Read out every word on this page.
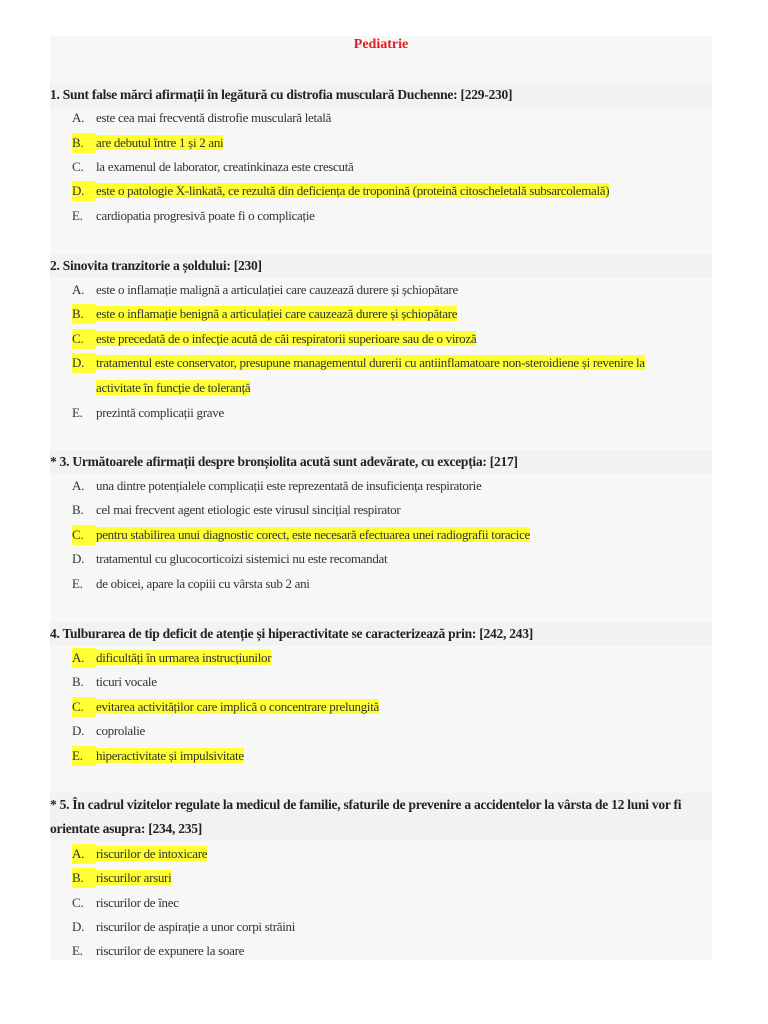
Pediatrie
1. Sunt false mărci afirmații în legătură cu distrofia musculară Duchenne: [229-230]
A. este cea mai frecventă distrofie musculară letală
B. are debutul între 1 și 2 ani
C. la examenul de laborator, creatinkinaza este crescută
D. este o patologie X-linkată, ce rezultă din deficiența de troponină (proteină citoscheletală subsarcolemală)
E. cardiopatia progresivă poate fi o complicație
2. Sinovita tranzitorie a șoldului: [230]
A. este o inflamație malignă a articulației care cauzează durere și șchiopătare
B. este o inflamație benignă a articulației care cauzează durere și șchiopătare
C. este precedată de o infecție acută de căi respiratorii superioare sau de o viroză
D. tratamentul este conservator, presupune managementul durerii cu antiinflamatoare non-steroidiene și revenire la
activitate în funcție de toleranță
E. prezintă complicații grave
* 3. Următoarele afirmații despre bronșiolita acută sunt adevărate, cu excepția: [217]
A. una dintre potențialele complicații este reprezentată de insuficiența respiratorie
B. cel mai frecvent agent etiologic este virusul sincițial respirator
C. pentru stabilirea unui diagnostic corect, este necesară efectuarea unei radiografii toracice
D. tratamentul cu glucocorticoizi sistemici nu este recomandat
E. de obicei, apare la copiii cu vârsta sub 2 ani
4. Tulburarea de tip deficit de atenție și hiperactivitate se caracterizează prin: [242, 243]
A. dificultăți în urmarea instrucțiunilor
B. ticuri vocale
C. evitarea activităților care implică o concentrare prelungită
D. coprolalie
E. hiperactivitate și impulsivitate
* 5. În cadrul vizitelor regulate la medicul de familie, sfaturile de prevenire a accidentelor la vârsta de 12 luni vor fi
orientate asupra: [234, 235]
A. riscurilor de intoxicare
B. riscurilor arsuri
C. riscurilor de înec
D. riscurilor de aspirație a unor corpi străini
E. riscurilor de expunere la soare
